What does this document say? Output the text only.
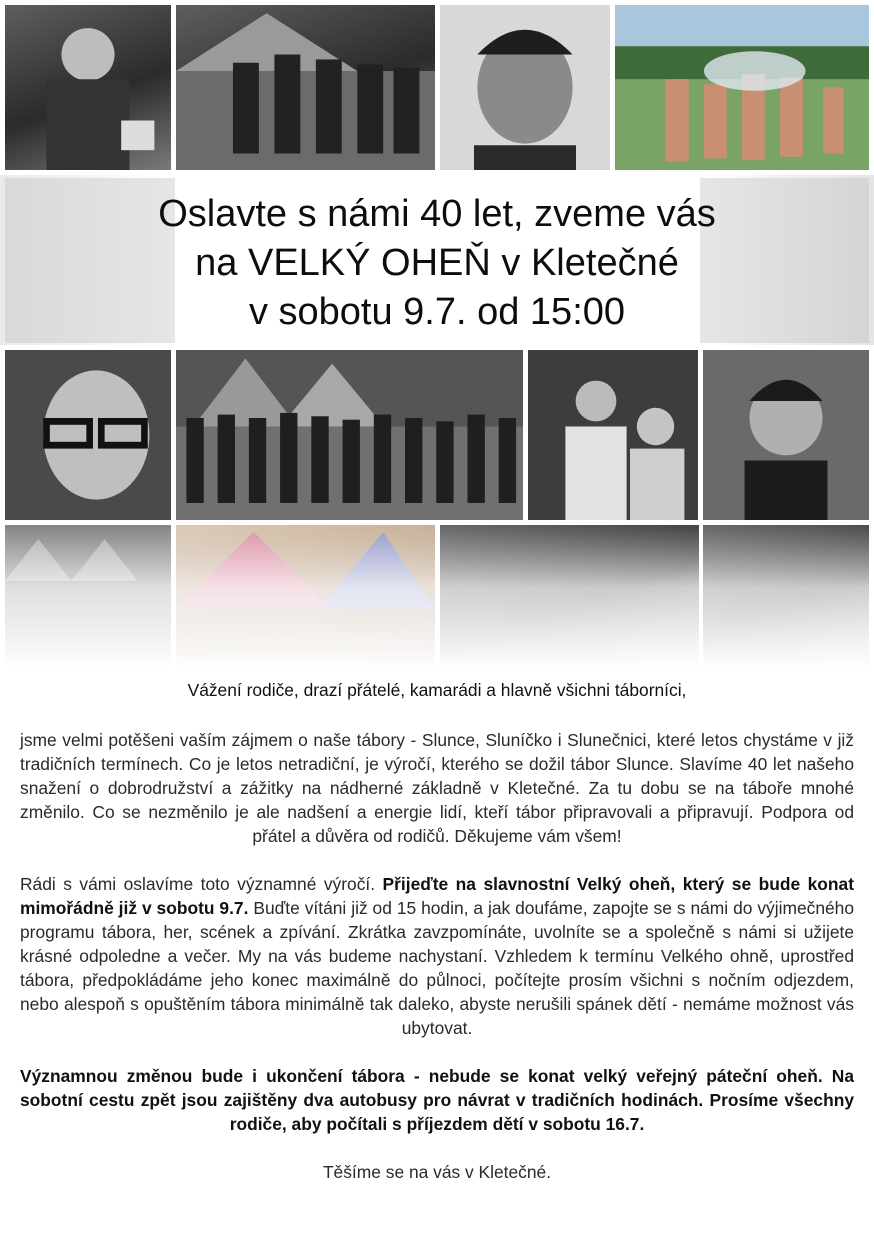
Oslavte s námi 40 let, zveme vás
na VELKÝ OHEŇ v Kletečné
v sobotu 9.7. od 15:00

Vážení rodiče, drazí přátelé, kamarádi a hlavně všichni táborníci,

jsme velmi potěšeni vaším zájmem o naše tábory - Slunce, Sluníčko i Slunečnici, které letos chystáme v již tradičních termínech. Co je letos netradiční, je výročí, kterého se dožil tábor Slunce. Slavíme 40 let našeho snažení o dobrodružství a zážitky na nádherné základně v Kletečné. Za tu dobu se na táboře mnohé změnilo. Co se nezměnilo je ale nadšení a energie lidí, kteří tábor připravovali a připravují. Podpora od přátel a důvěra od rodičů. Děkujeme vám všem!

Rádi s vámi oslavíme toto významné výročí. Přijeďte na slavnostní Velký oheň, který se bude konat mimořádně již v sobotu 9.7. Buďte vítáni již od 15 hodin, a jak doufáme, zapojte se s námi do výjimečného programu tábora, her, scének a zpívání. Zkrátka zavzpomínáte, uvolníte se a společně s námi si užijete krásné odpoledne a večer. My na vás budeme nachystaní. Vzhledem k termínu Velkého ohně, uprostřed tábora, předpokládáme jeho konec maximálně do půlnoci, počítejte prosím všichni s nočním odjezdem, nebo alespoň s opuštěním tábora minimálně tak daleko, abyste nerušili spánek dětí - nemáme možnost vás ubytovat.

Významnou změnou bude i ukončení tábora - nebude se konat velký veřejný páteční oheň. Na sobotní cestu zpět jsou zajištěny dva autobusy pro návrat v tradičních hodinách. Prosíme všechny rodiče, aby počítali s příjezdem dětí v sobotu 16.7.

Těšíme se na vás v Kletečné.
